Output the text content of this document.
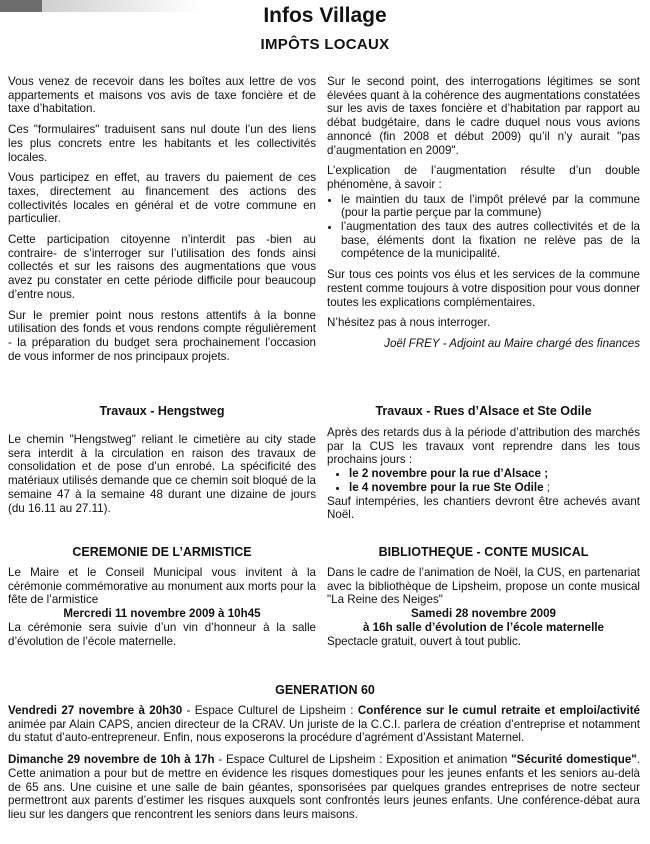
Infos Village
IMPÔTS LOCAUX

Vous venez de recevoir dans les boîtes aux lettre de vos appartements et maisons vos avis de taxe foncière et de taxe d’habitation.

Ces "formulaires" traduisent sans nul doute l’un des liens les plus concrets entre les habitants et les collectivités locales.

Vous participez en effet, au travers du paiement de ces taxes, directement au financement des actions des collectivités locales en général et de votre commune en particulier.

Cette participation citoyenne n’interdit pas -bien au contraire- de s’interroger sur l’utilisation des fonds ainsi collectés et sur les raisons des augmentations que vous avez pu constater en cette période difficile pour beaucoup d’entre nous.

Sur le premier point nous restons attentifs à la bonne utilisation des fonds et vous rendons compte régulièrement - la préparation du budget sera prochainement l’occasion de vous informer de nos principaux projets.

Sur le second point, des interrogations légitimes se sont élevées quant à la cohérence des augmentations constatées sur les avis de taxes foncière et d’habitation par rapport au débat budgétaire, dans le cadre duquel nous vous avions annoncé (fin 2008 et début 2009) qu’il n’y aurait "pas d’augmentation en 2009".

L’explication de l’augmentation résulte d’un double phénomène, à savoir :

• le maintien du taux de l’impôt prélevé par la commune (pour la partie perçue par la commune)
• l’augmentation des taux des autres collectivités et de la base, éléments dont la fixation ne relève pas de la compétence de la municipalité.

Sur tous ces points vos élus et les services de la commune restent comme toujours à votre disposition pour vous donner toutes les explications complémentaires.

N’hésitez pas à nous interroger.

Joël FREY - Adjoint au Maire chargé des finances

Travaux - Hengstweg
Le chemin "Hengstweg" reliant le cimetière au city stade sera interdit à la circulation en raison des travaux de consolidation et de pose d’un enrobé. La spécificité des matériaux utilisés demande que ce chemin soit bloqué de la semaine 47 à la semaine 48 durant une dizaine de jours (du 16.11 au 27.11).
Travaux - Rues d’Alsace et Ste Odile
Après des retards dus à la période d’attribution des marchés par la CUS les travaux vont reprendre dans les tous prochains jours :
• le 2 novembre pour la rue d’Alsace ;
• le 4 novembre pour la rue Ste Odile ;
Sauf intempéries, les chantiers devront être achevés avant Noël.
CEREMONIE DE L’ARMISTICE
Le Maire et le Conseil Municipal vous invitent à la cérémonie commémorative au monument aux morts pour la fête de l’armistice
Mercredi 11 novembre 2009 à 10h45
La cérémonie sera suivie d’un vin d’honneur à la salle d’évolution de l’école maternelle.
BIBLIOTHEQUE - CONTE MUSICAL
Dans le cadre de l’animation de Noël, la CUS, en partenariat avec la bibliothèque de Lipsheim, propose un conte musical "La Reine des Neiges"
Samedi 28 novembre 2009
à 16h salle d’évolution de l’école maternelle
Spectacle gratuit, ouvert à tout public.
GENERATION 60

Vendredi 27 novembre à 20h30 - Espace Culturel de Lipsheim : Conférence sur le cumul retraite et emploi/activité animée par Alain CAPS, ancien directeur de la CRAV. Un juriste de la C.C.I. parlera de création d’entreprise et notamment du statut d’auto-entrepreneur. Enfin, nous exposerons la procédure d’agrément d’Assistant Maternel.

Dimanche 29 novembre de 10h à 17h - Espace Culturel de Lipsheim : Exposition et animation "Sécurité domestique". Cette animation a pour but de mettre en évidence les risques domestiques pour les jeunes enfants et les seniors au-delà de 65 ans. Une cuisine et une salle de bain géantes, sponsorisées par quelques grandes entreprises de notre secteur permettront aux parents d’estimer les risques auxquels sont confrontés leurs jeunes enfants. Une conférence-débat aura lieu sur les dangers que rencontrent les seniors dans leurs maisons.
